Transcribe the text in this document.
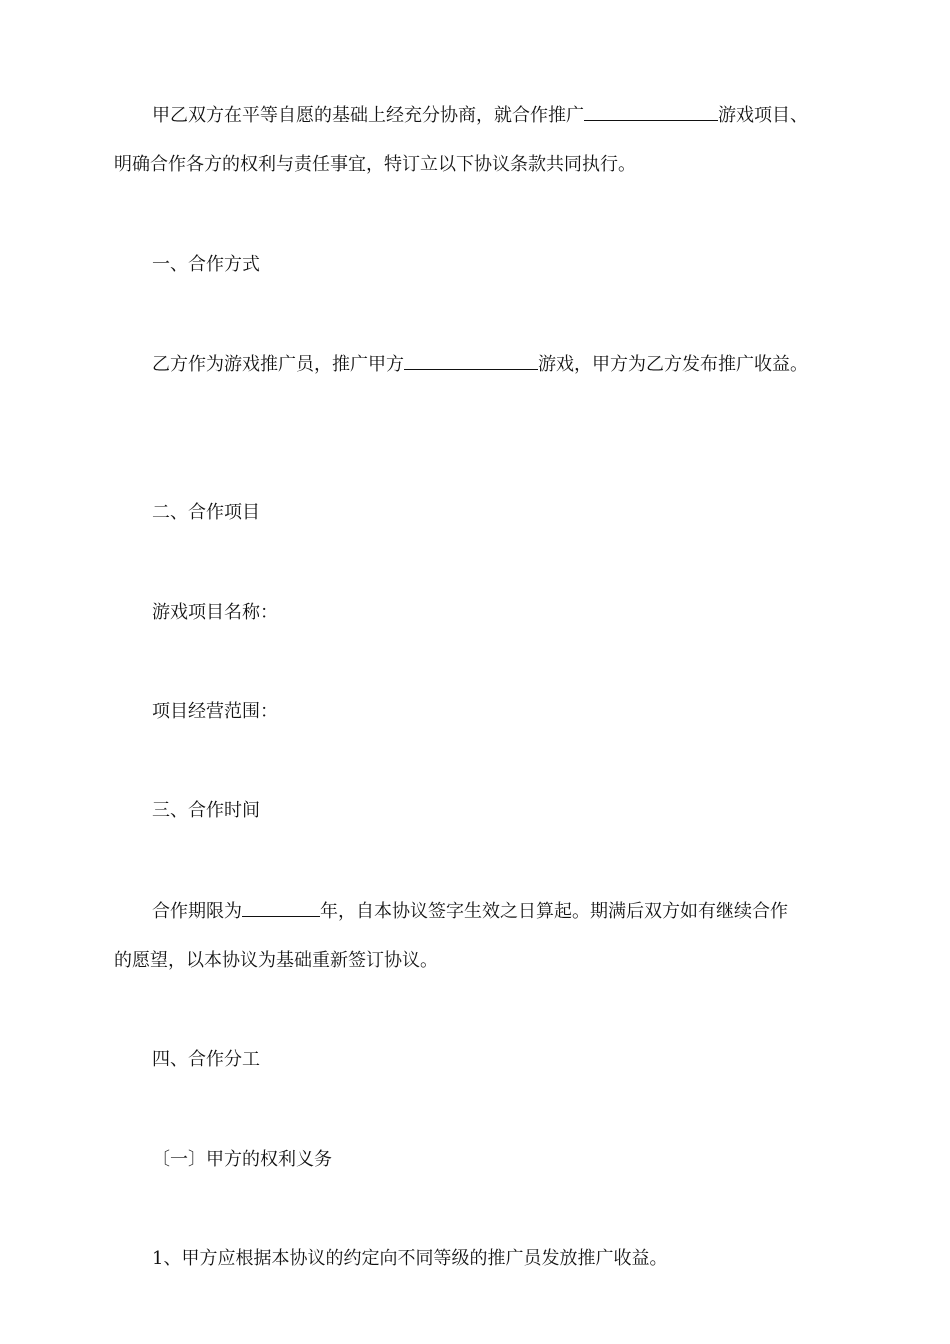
甲乙双方在平等自愿的基础上经充分协商，就合作推广	游戏项目、
明确合作各方的权利与责任事宜，特订立以下协议条款共同执行。
一、合作方式
乙方作为游戏推广员，推广甲方	游戏，甲方为乙方发布推广收益。
二、合作项目
游戏项目名称：
项目经营范围：
三、合作时间
合作期限为	年，自本协议签字生效之日算起。期满后双方如有继续合作
的愿望，以本协议为基础重新签订协议。
四、合作分工
〔一〕甲方的权利义务
1、甲方应根据本协议的约定向不同等级的推广员发放推广收益。
